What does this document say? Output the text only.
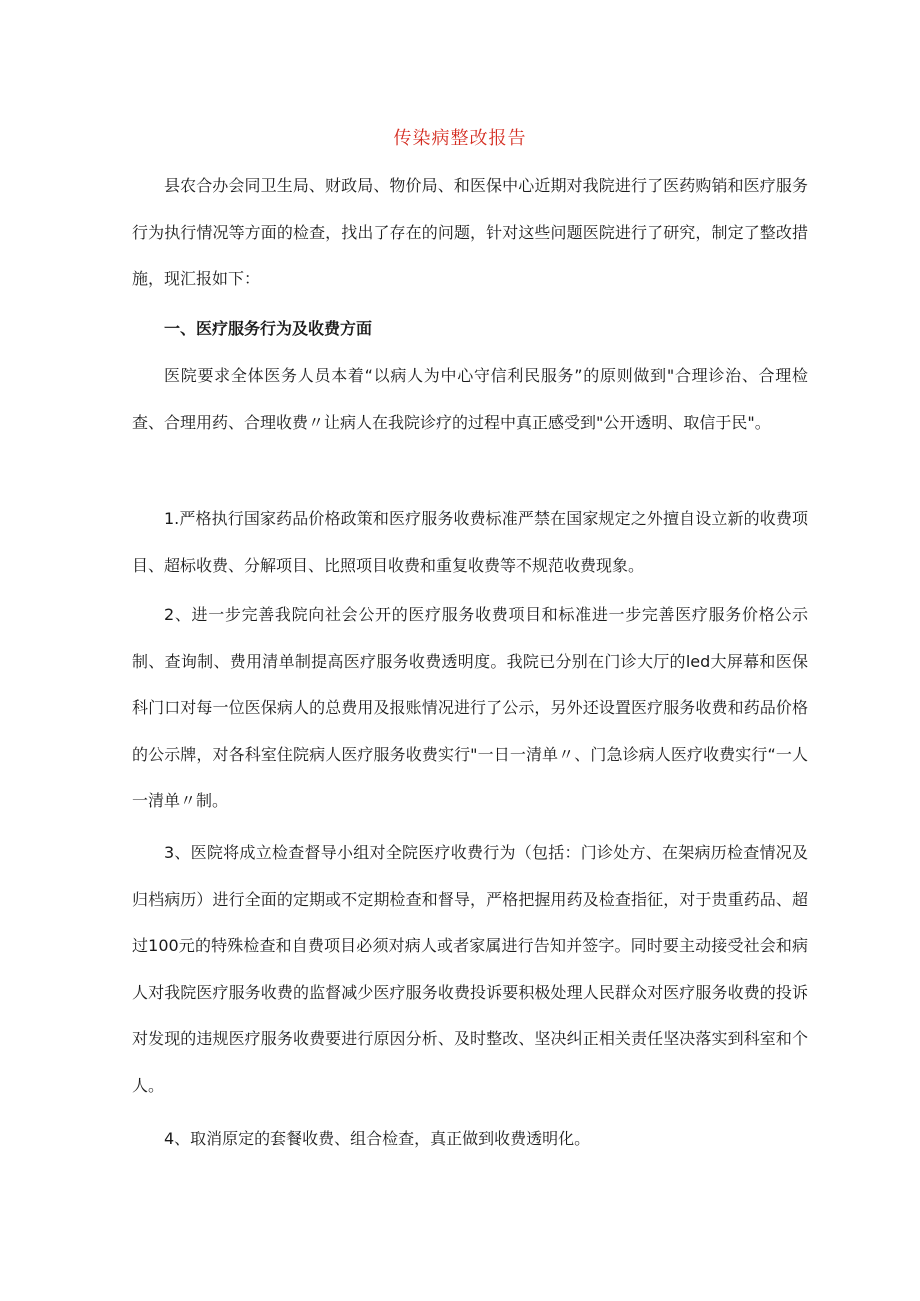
传染病整改报告

县农合办会同卫生局、财政局、物价局、和医保中心近期对我院进行了医药购销和医疗服务行为执行情况等方面的检查，找出了存在的问题，针对这些问题医院进行了研究，制定了整改措施，现汇报如下：

一、医疗服务行为及收费方面

医院要求全体医务人员本着“以病人为中心守信利民服务”的原则做到"合理诊治、合理检查、合理用药、合理收费〃让病人在我院诊疗的过程中真正感受到"公开透明、取信于民"。

1.严格执行国家药品价格政策和医疗服务收费标准严禁在国家规定之外擅自设立新的收费项目、超标收费、分解项目、比照项目收费和重复收费等不规范收费现象。

2、进一步完善我院向社会公开的医疗服务收费项目和标准进一步完善医疗服务价格公示制、查询制、费用清单制提高医疗服务收费透明度。我院已分别在门诊大厅的led大屏幕和医保科门口对每一位医保病人的总费用及报账情况进行了公示，另外还设置医疗服务收费和药品价格的公示牌，对各科室住院病人医疗服务收费实行"一日一清单〃、门急诊病人医疗收费实行“一人一清单〃制。

3、医院将成立检查督导小组对全院医疗收费行为（包括：门诊处方、在架病历检查情况及归档病历）进行全面的定期或不定期检查和督导，严格把握用药及检查指征，对于贵重药品、超过100元的特殊检查和自费项目必须对病人或者家属进行告知并签字。同时要主动接受社会和病人对我院医疗服务收费的监督减少医疗服务收费投诉要积极处理人民群众对医疗服务收费的投诉对发现的违规医疗服务收费要进行原因分析、及时整改、坚决纠正相关责任坚决落实到科室和个人。

4、取消原定的套餐收费、组合检查，真正做到收费透明化。
